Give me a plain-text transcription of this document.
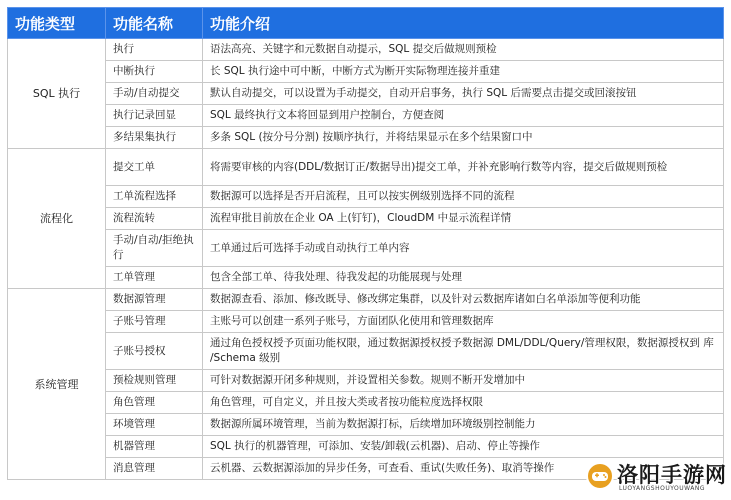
功能类型	功能名称	功能介绍
SQL 执行	执行	语法高亮、关键字和元数据自动提示，SQL 提交后做规则预检
	中断执行	长 SQL 执行途中可中断，中断方式为断开实际物理连接并重建
	手动/自动提交	默认自动提交，可以设置为手动提交，自动开启事务，执行 SQL 后需要点击提交或回滚按钮
	执行记录回显	SQL 最终执行文本将回显到用户控制台，方便查阅
	多结果集执行	多条 SQL (按分号分割) 按顺序执行，并将结果显示在多个结果窗口中
流程化	提交工单	将需要审核的内容(DDL/数据订正/数据导出)提交工单，并补充影响行数等内容，提交后做规则预检
	工单流程选择	数据源可以选择是否开启流程，且可以按实例级别选择不同的流程
	流程流转	流程审批目前放在企业 OA 上(钉钉)，CloudDM 中显示流程详情
	手动/自动/拒绝执行	工单通过后可选择手动或自动执行工单内容
	工单管理	包含全部工单、待我处理、待我发起的功能展现与处理
系统管理	数据源管理	数据源查看、添加、修改既导、修改绑定集群，以及针对云数据库诸如白名单添加等便利功能
	子账号管理	主账号可以创建一系列子账号，方面团队化使用和管理数据库
	子账号授权	通过角色授权授予页面功能权限，通过数据源授权授予数据源 DML/DDL/Query/管理权限，数据源授权到 库 /Schema 级别
	预检规则管理	可针对数据源开闭多种规则，并设置相关参数。规则不断开发增加中
	角色管理	角色管理，可自定义，并且按大类或者按功能粒度选择权限
	环境管理	数据源所属环境管理，当前为数据源打标，后续增加环境级别控制能力
	机器管理	SQL 执行的机器管理，可添加、安装/卸载(云机器)、启动、停止等操作
	消息管理	云机器、云数据源添加的异步任务，可查看、重试(失败任务)、取消等操作	洛阳手游网
LUOYANGSHOUYOUWANG
